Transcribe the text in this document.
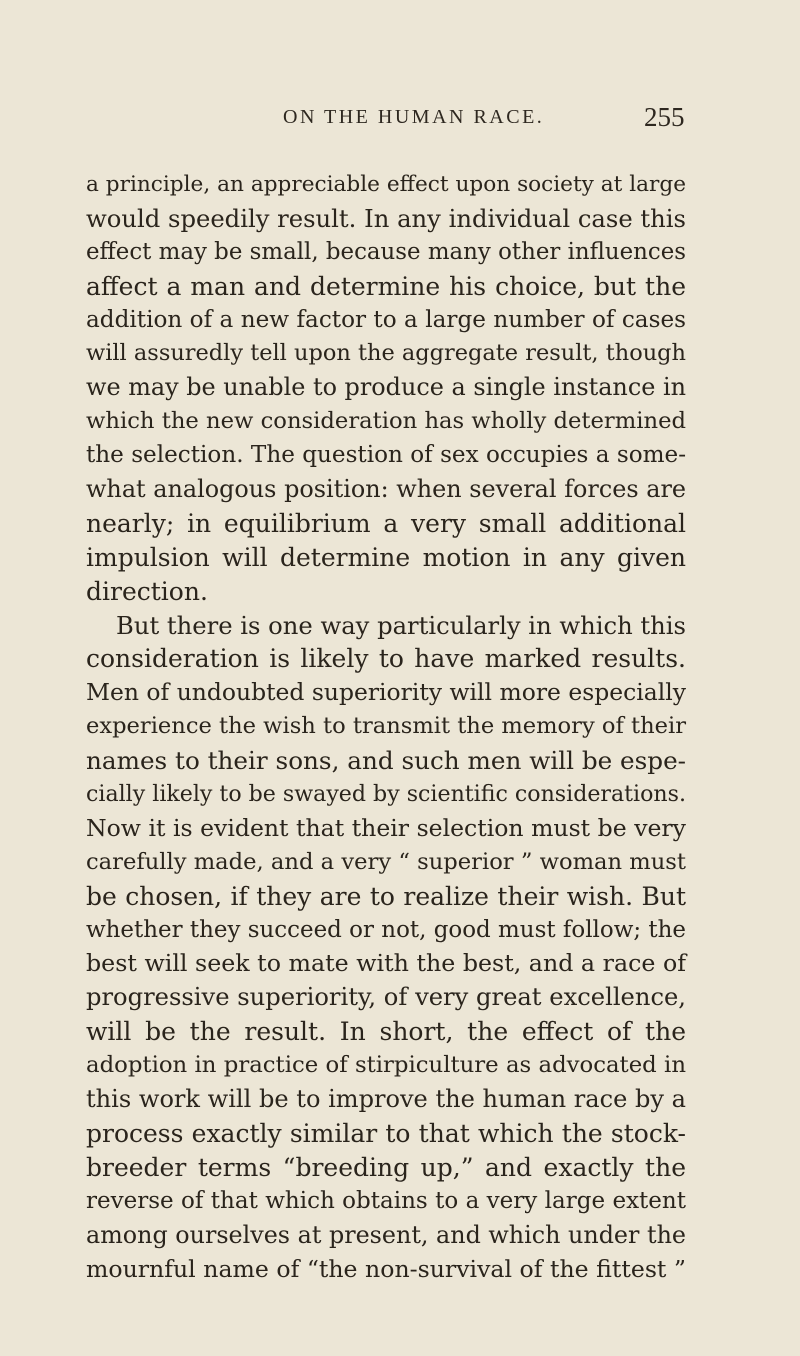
ON THE HUMAN RACE.	255
a principle, an appreciable effect upon society at large
would speedily result. In any individual case this
effect may be small, because many other influences
affect a man and determine his choice, but the
addition of a new factor to a large number of cases
will assuredly tell upon the aggregate result, though
we may be unable to produce a single instance in
which the new consideration has wholly determined
the selection. The question of sex occupies a some-
what analogous position: when several forces are
nearly; in equilibrium a very small additional
impulsion will determine motion in any given
direction.
But there is one way particularly in which this
consideration is likely to have marked results.
Men of undoubted superiority will more especially
experience the wish to transmit the memory of their
names to their sons, and such men will be espe-
cially likely to be swayed by scientific considerations.
Now it is evident that their selection must be very
carefully made, and a very “ superior ” woman must
be chosen, if they are to realize their wish. But
whether they succeed or not, good must follow; the
best will seek to mate with the best, and a race of
progressive superiority, of very great excellence,
will be the result. In short, the effect of the
adoption in practice of stirpiculture as advocated in
this work will be to improve the human race by a
process exactly similar to that which the stock-
breeder terms “breeding up,” and exactly the
reverse of that which obtains to a very large extent
among ourselves at present, and which under the
mournful name of “the non-survival of the fittest ”
